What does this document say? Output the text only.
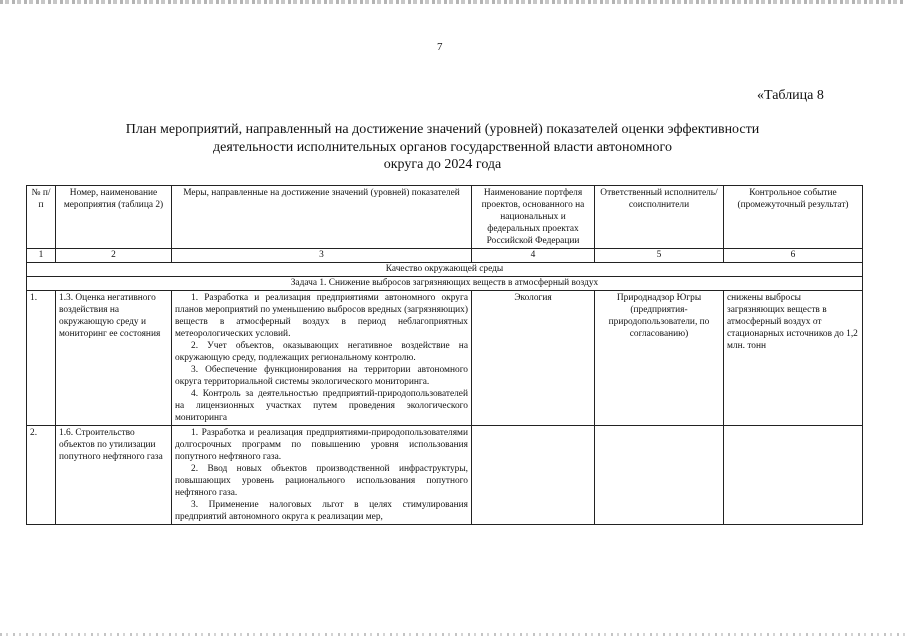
7
«Таблица 8
План мероприятий, направленный на достижение значений (уровней) показателей оценки эффективности
деятельности исполнительных органов государственной власти автономного
округа до 2024 года
№ п/п	Номер, наименование мероприятия (таблица 2)	Меры, направленные на достижение значений (уровней) показателей	Наименование портфеля проектов, основанного на национальных и федеральных проектах Российской Федерации	Ответственный исполнитель/соисполнители	Контрольное событие (промежуточный результат)
1	2	3	4	5	6
Качество окружающей среды					
Задача 1. Снижение выбросов загрязняющих веществ в атмосферный воздух					
1.	1.3. Оценка негативного воздействия на окружающую среду и мониторинг ее состояния	1. Разработка и реализация предприятиями автономного округа планов мероприятий по уменьшению выбросов вредных (загрязняющих) веществ в атмосферный воздух в период неблагоприятных метеорологических условий.

2. Учет объектов, оказывающих негативное воздействие на окружающую среду, подлежащих региональному контролю.

3. Обеспечение функционирования на территории автономного округа территориальной системы экологического мониторинга.

4. Контроль за деятельностью предприятий-природопользователей на лицензионных участках путем проведения экологического мониторинга	Экология	Природнадзор Югры (предприятия-природопользователи, по согласованию)	снижены выбросы загрязняющих веществ в атмосферный воздух от стационарных источников до 1,2 млн. тонн
2.	1.6. Строительство объектов по утилизации попутного нефтяного газа	1. Разработка и реализация предприятиями-природопользователями долгосрочных программ по повышению уровня использования попутного нефтяного газа.

2. Ввод новых объектов производственной инфраструктуры, повышающих уровень рационального использования попутного нефтяного газа.

3. Применение налоговых льгот в целях стимулирования предприятий автономного округа к реализации мер,			
